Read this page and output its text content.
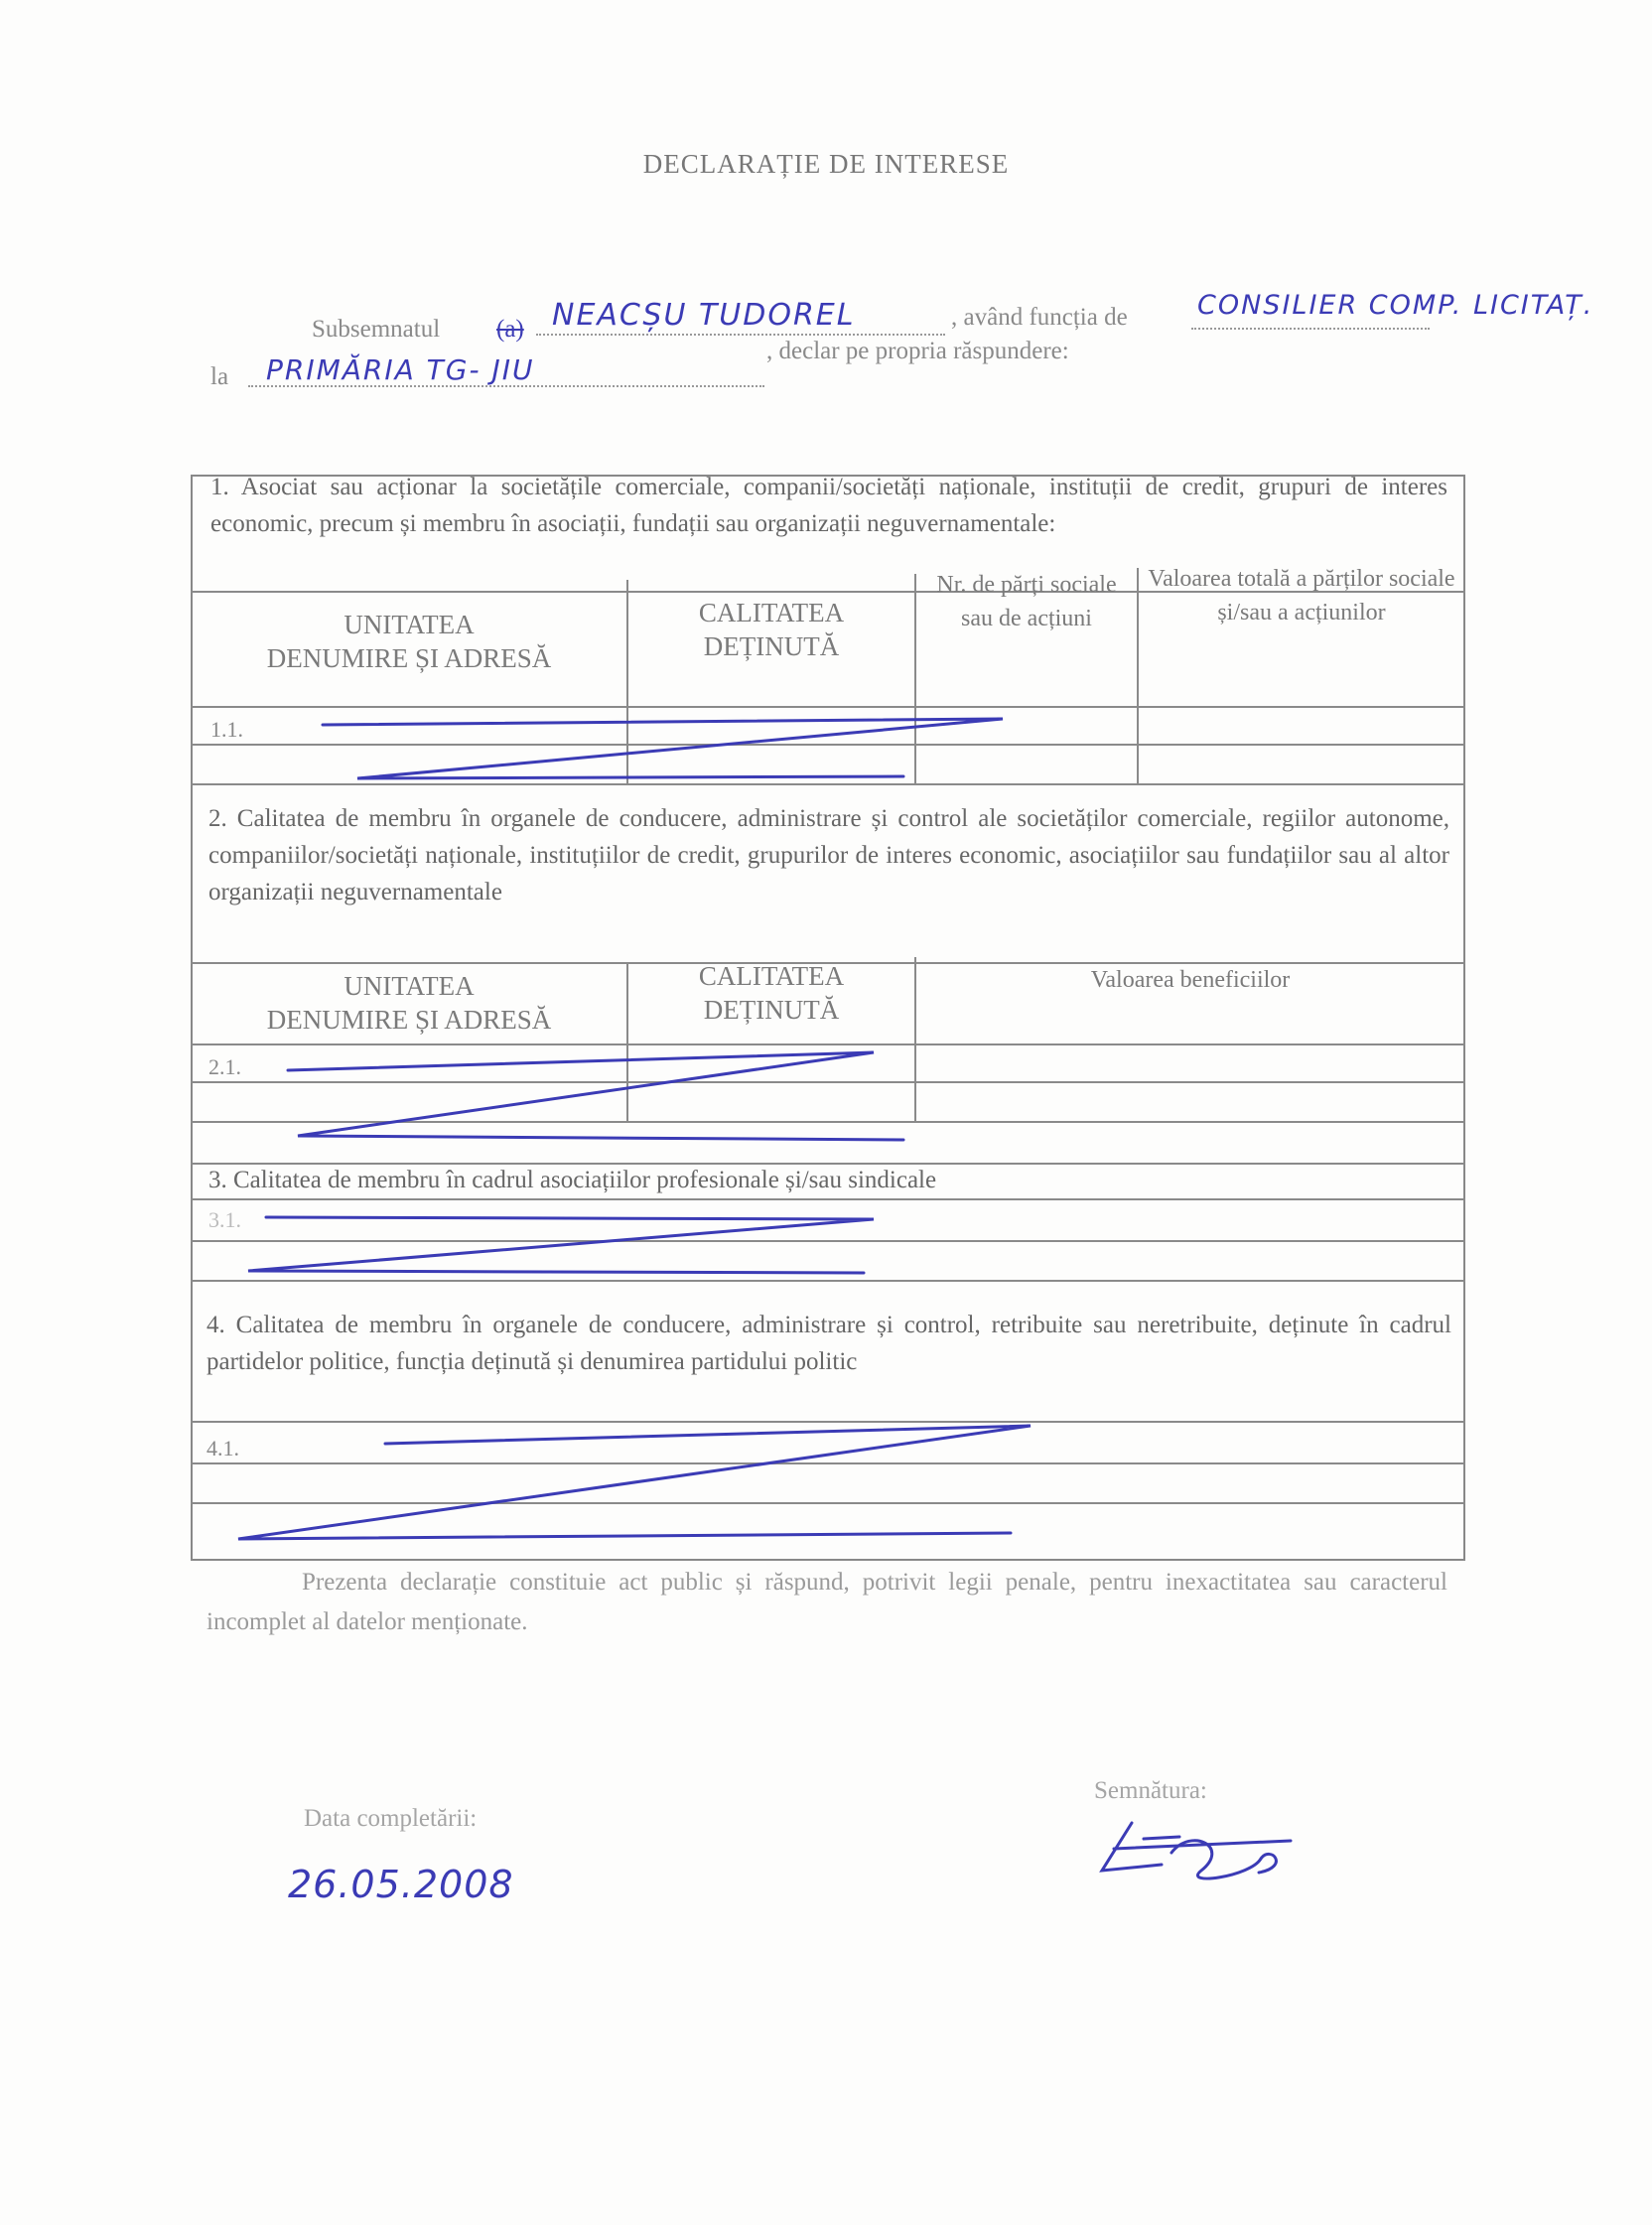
DECLARAȚIE DE INTERESE
Subsemnatul (a) NEACȘU TUDOREL	, având funcția de	CONSILIER COMP. LICITAȚ.
la PRIMĂRIA TG- JIU
, declar pe propria răspundere:
1. Asociat sau acționar la societățile comerciale, companii/societăți naționale, instituții de credit, grupuri de interes economic, precum și membru în asociații, fundații sau organizații neguvernamentale:
UNITATEA
DENUMIRE ȘI ADRESĂ
CALITATEA
DEȚINUTĂ
Nr. de părți sociale sau de acțiuni
Valoarea totală a părților sociale și/sau a acțiunilor
1.1.
2. Calitatea de membru în organele de conducere, administrare și control ale societăților comerciale, regiilor autonome, companiilor/societăți naționale, instituțiilor de credit, grupurilor de interes economic, asociațiilor sau fundațiilor sau al altor organizații neguvernamentale
UNITATEA
DENUMIRE ȘI ADRESĂ
CALITATEA
DEȚINUTĂ
Valoarea beneficiilor
2.1.
3. Calitatea de membru în cadrul asociațiilor profesionale și/sau sindicale
3.1.
4. Calitatea de membru în organele de conducere, administrare și control, retribuite sau neretribuite, deținute în cadrul partidelor politice, funcția deținută și denumirea partidului politic
4.1.
Prezenta declarație constituie act public și răspund, potrivit legii penale, pentru inexactitatea sau caracterul incomplet al datelor menționate.
Data completării:
26.05.2008
Semnătura:
